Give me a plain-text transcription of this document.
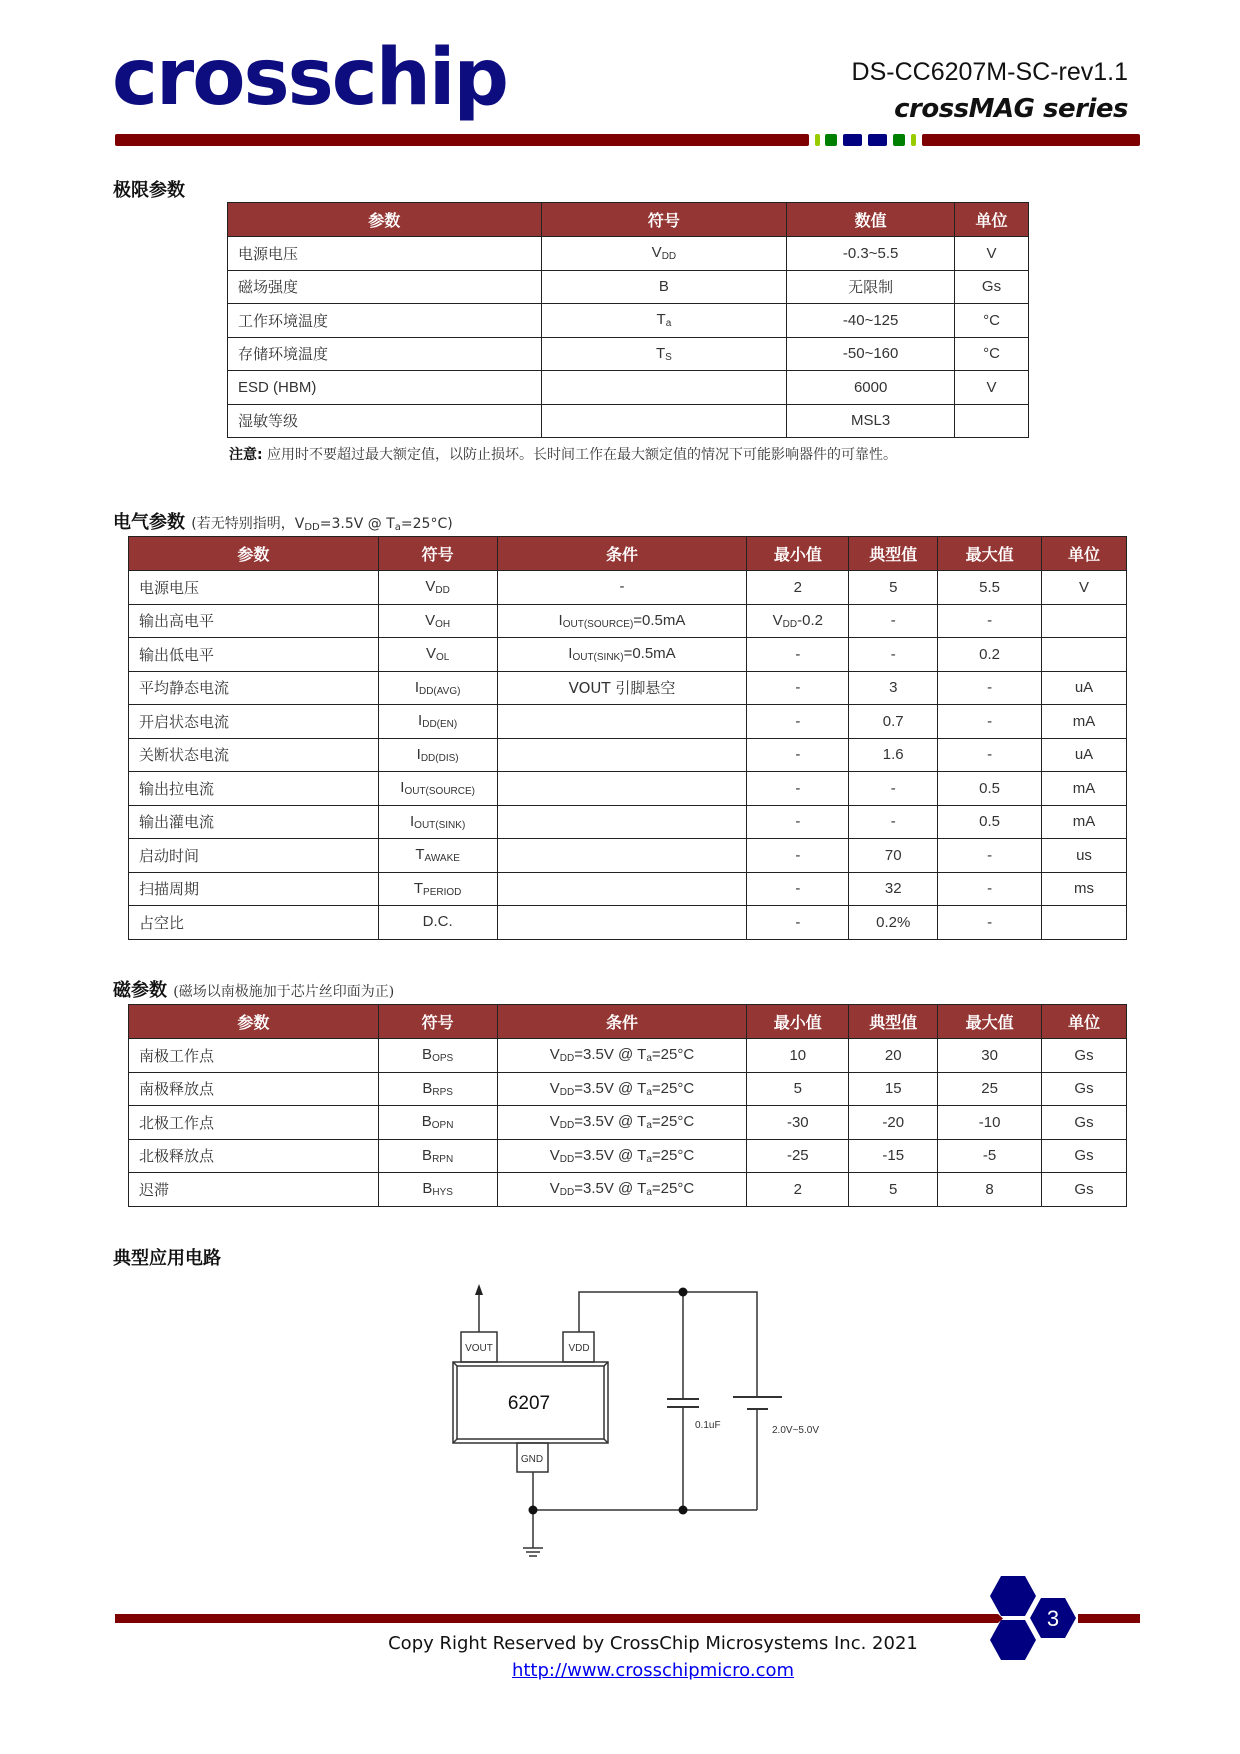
crosschip	DS-CC6207M-SC-rev1.1
crossMAG series
极限参数
参数	符号	数值	单位
电源电压	$V_{DD}$	-0.3~5.5	V
磁场强度	B	无限制	Gs
工作环境温度	$T_a$	-40~125	°C
存储环境温度	$T_S$	-50~160	°C
ESD (HBM)		6000	V
湿敏等级		MSL3	
注意: 应用时不要超过最大额定值，以防止损坏。长时间工作在最大额定值的情况下可能影响器件的可靠性。
电气参数 (若无特别指明，$V_{DD}=3.5V$ @ $T_a=25^\circ C$)
参数	符号	条件	最小值	典型值	最大值	单位
电源电压	$V_{DD}$	-	2	5	5.5	V
输出高电平	$V_{OH}$	$I_{OUT(SOURCE)}=0.5mA$	$V_{DD}-0.2$	-	-	
输出低电平	$V_{OL}$	$I_{OUT(SINK)}=0.5mA$	-	-	0.2	
平均静态电流	$I_{DD(AVG)}$	VOUT 引脚悬空	-	3	-	uA
开启状态电流	$I_{DD(EN)}$		-	0.7	-	mA
关断状态电流	$I_{DD(DIS)}$		-	1.6	-	uA
输出拉电流	$I_{OUT(SOURCE)}$		-	-	0.5	mA
输出灌电流	$I_{OUT(SINK)}$		-	-	0.5	mA
启动时间	$T_{AWAKE}$		-	70	-	us
扫描周期	$T_{PERIOD}$		-	32	-	ms
占空比	D.C.		-	0.2%	-	
磁参数 (磁场以南极施加于芯片丝印面为正)
参数	符号	条件	最小值	典型值	最大值	单位
南极工作点	$B_{OPS}$	$V_{DD}=3.5V$ @ $T_a=25^\circ C$	10	20	30	Gs
南极释放点	$B_{RPS}$	$V_{DD}=3.5V$ @ $T_a=25^\circ C$	5	15	25	Gs
北极工作点	$B_{OPN}$	$V_{DD}=3.5V$ @ $T_a=25^\circ C$	-30	-20	-10	Gs
北极释放点	$B_{RPN}$	$V_{DD}=3.5V$ @ $T_a=25^\circ C$	-25	-15	-5	Gs
迟滞	$B_{HYS}$	$V_{DD}=3.5V$ @ $T_a=25^\circ C$	2	5	8	Gs
典型应用电路
VOUT	VDD
GND
6207
0.1uF	2.0V~5.0V
3
Copy Right Reserved by CrossChip Microsystems Inc. 2021
http://www.crosschipmicro.com
